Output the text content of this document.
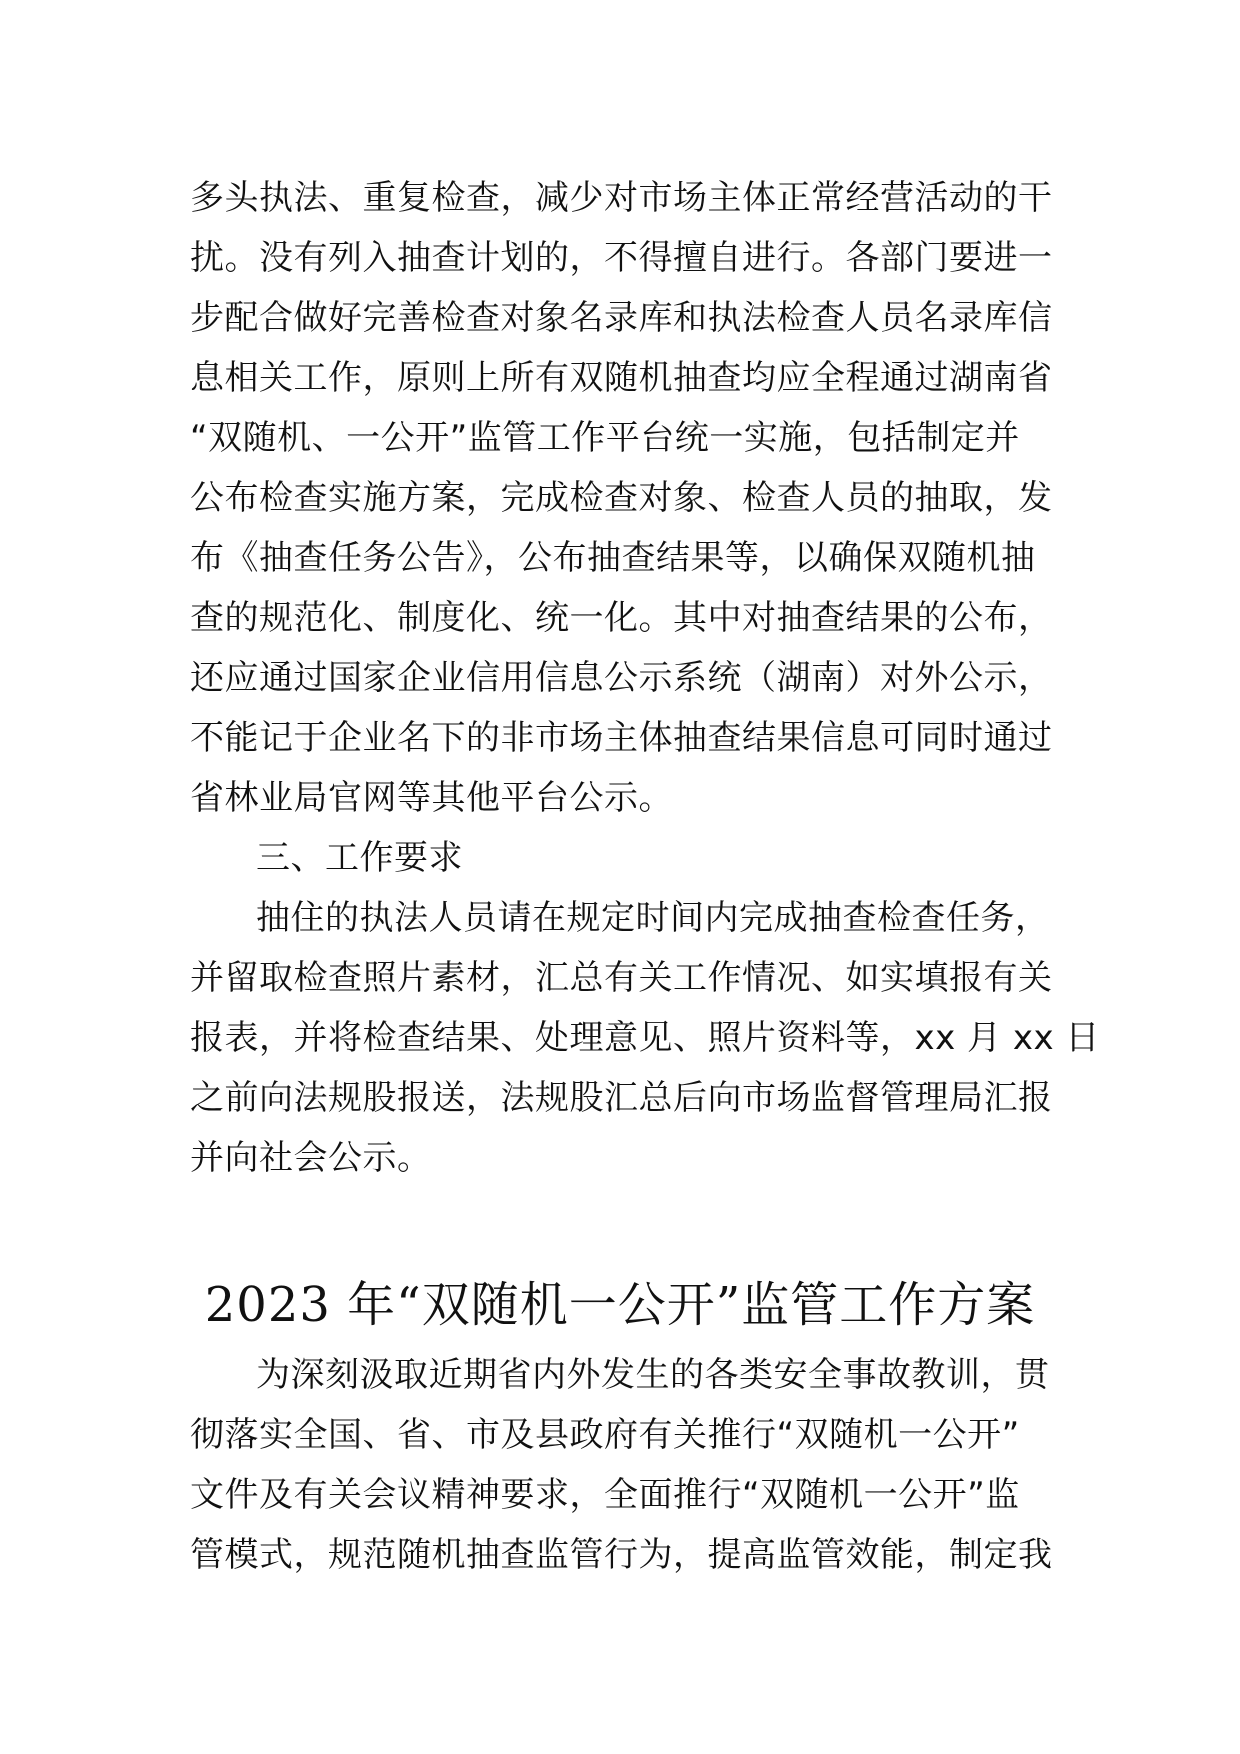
多头执法、重复检查，减少对市场主体正常经营活动的干
扰。没有列入抽查计划的，不得擅自进行。各部门要进一
步配合做好完善检查对象名录库和执法检查人员名录库信
息相关工作，原则上所有双随机抽查均应全程通过湖南省
“双随机、一公开”监管工作平台统一实施，包括制定并
公布检查实施方案，完成检查对象、检查人员的抽取，发
布《抽查任务公告》，公布抽查结果等，以确保双随机抽
查的规范化、制度化、统一化。其中对抽查结果的公布，
还应通过国家企业信用信息公示系统（湖南）对外公示，
不能记于企业名下的非市场主体抽查结果信息可同时通过
省林业局官网等其他平台公示。
三、工作要求
抽住的执法人员请在规定时间内完成抽查检查任务，
并留取检查照片素材，汇总有关工作情况、如实填报有关
报表，并将检查结果、处理意见、照片资料等，xx 月 xx 日
之前向法规股报送，法规股汇总后向市场监督管理局汇报
并向社会公示。
2023 年“双随机一公开”监管工作方案
为深刻汲取近期省内外发生的各类安全事故教训，贯
彻落实全国、省、市及县政府有关推行“双随机一公开”
文件及有关会议精神要求，全面推行“双随机一公开”监
管模式，规范随机抽查监管行为，提高监管效能，制定我
